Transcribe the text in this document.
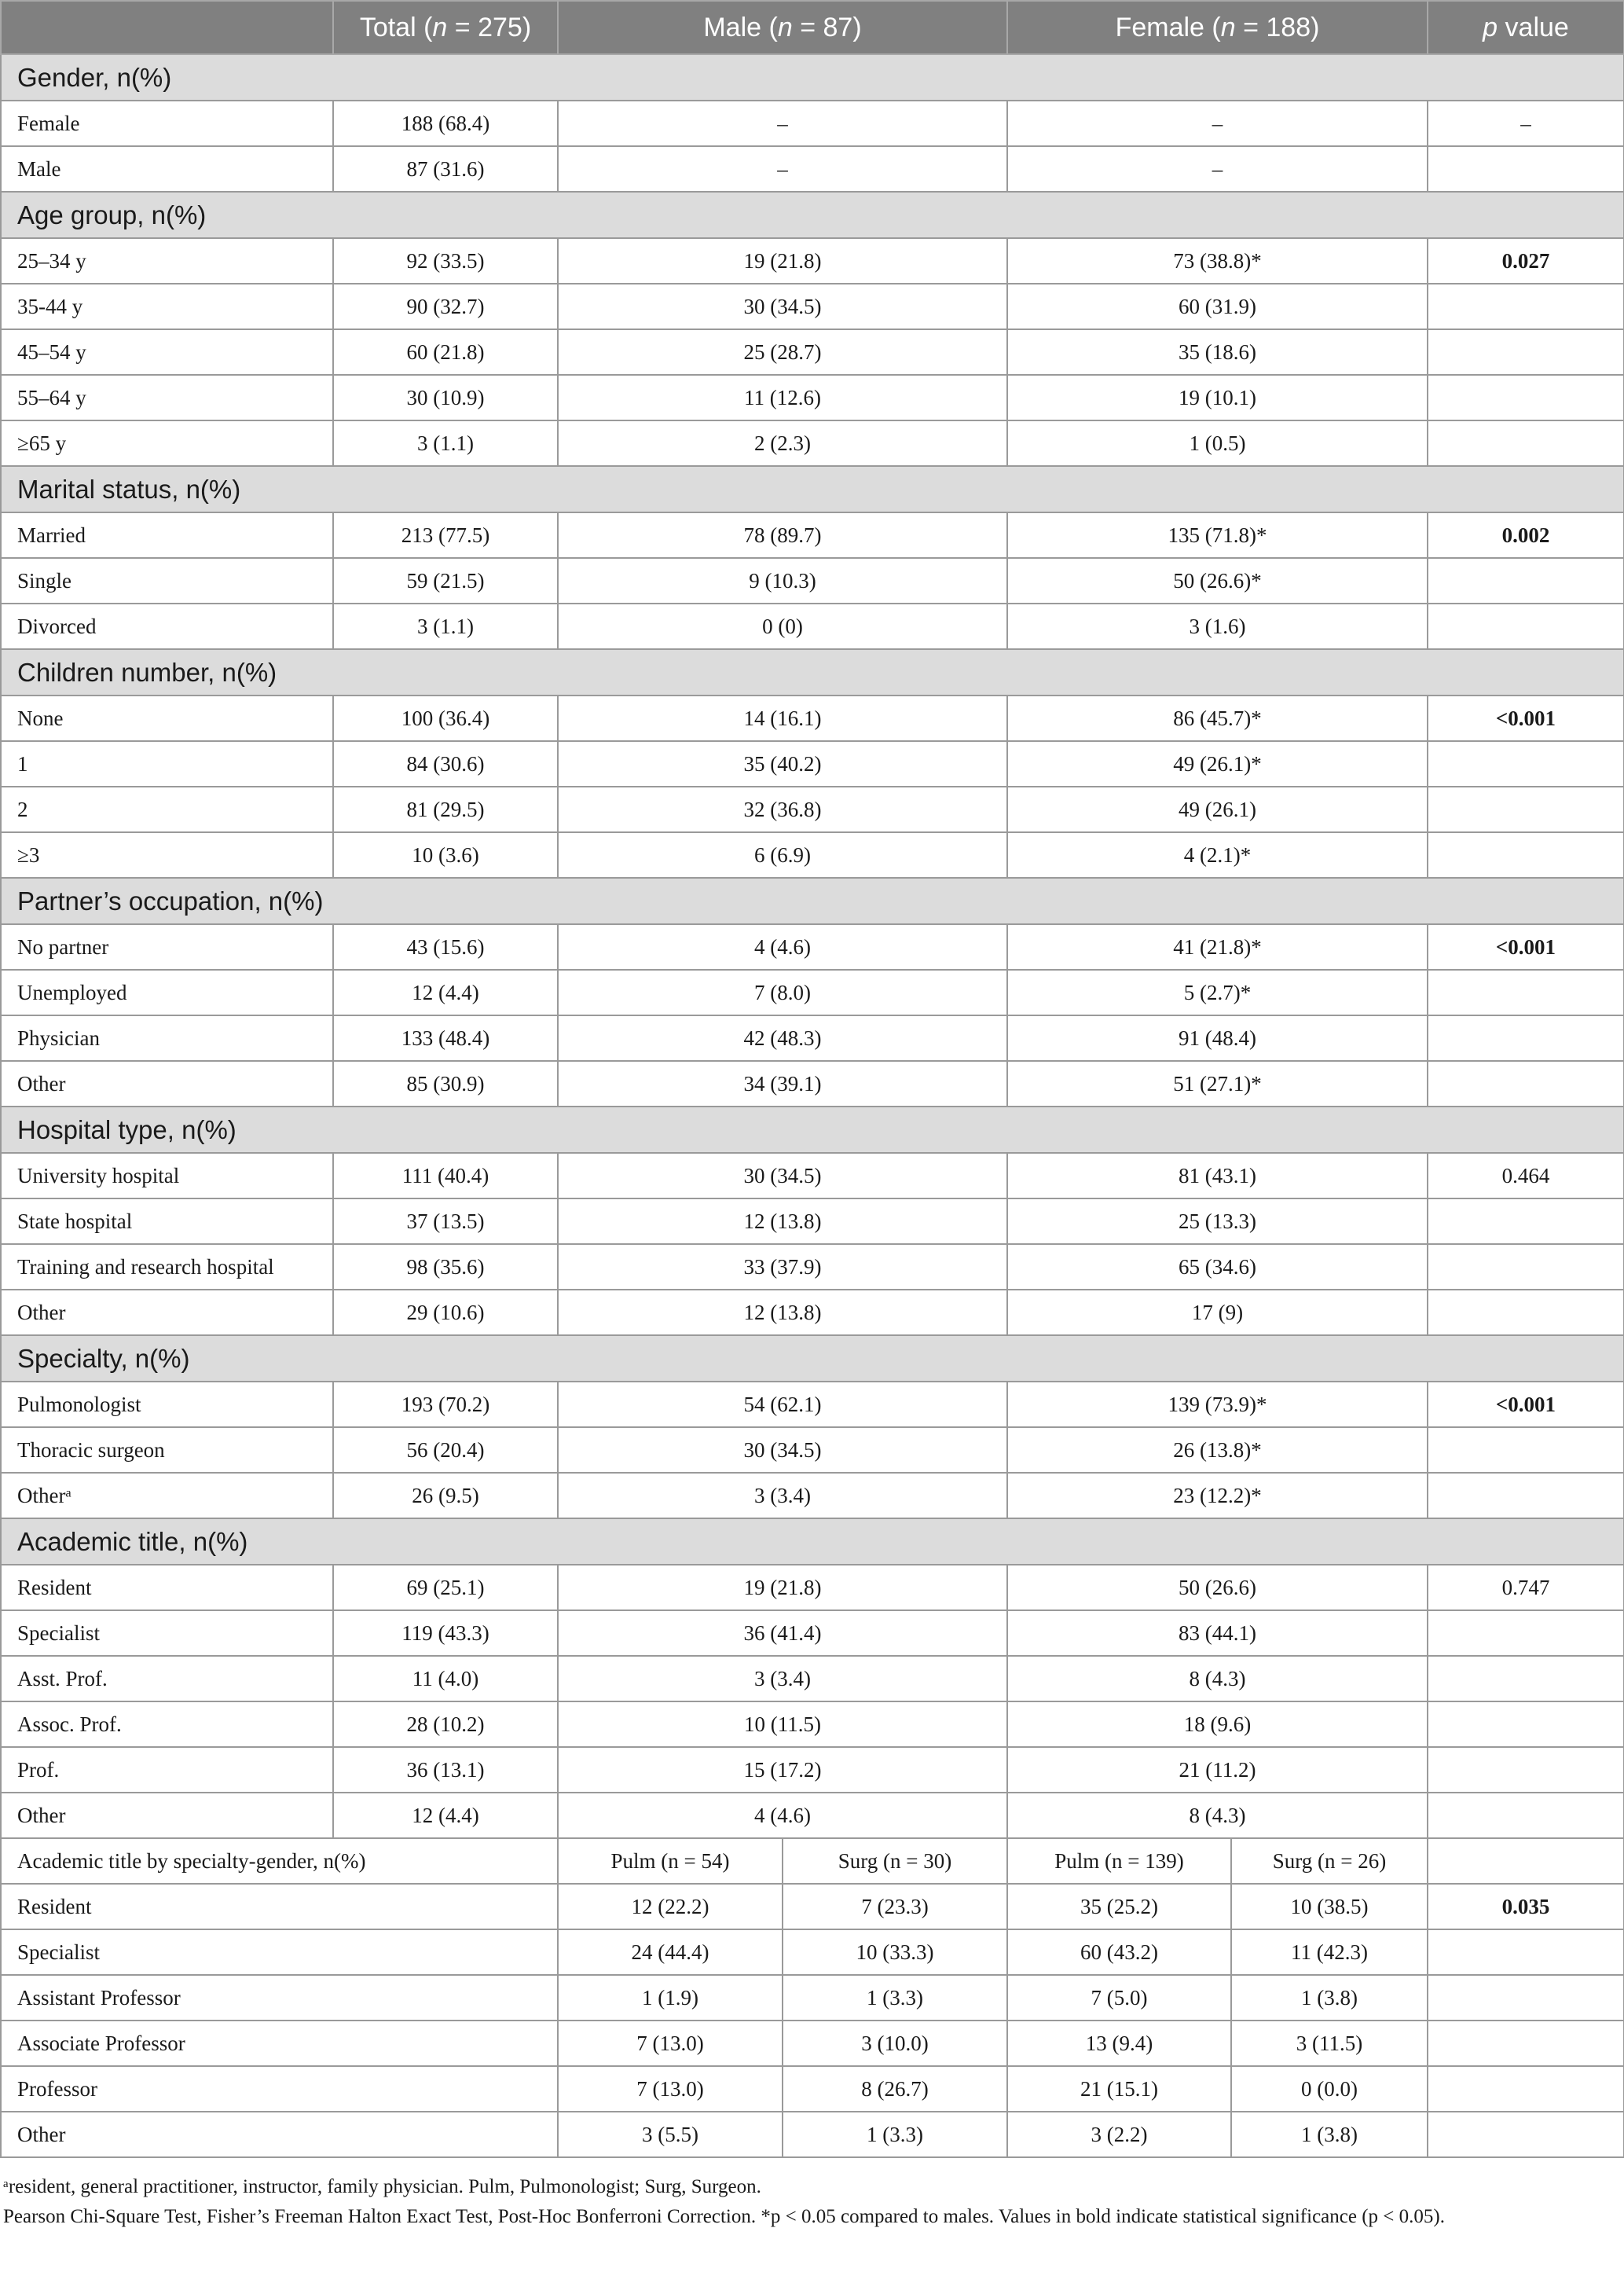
	Total (n = 275)	Male (n = 87)		Female (n = 188)		p value
Gender, n(%)						
Female	188 (68.4)	–		–		–
Male	87 (31.6)	–		–		
Age group, n(%)						
25–34 y	92 (33.5)	19 (21.8)		73 (38.8)*		0.027
35-44 y	90 (32.7)	30 (34.5)		60 (31.9)		
45–54 y	60 (21.8)	25 (28.7)		35 (18.6)		
55–64 y	30 (10.9)	11 (12.6)		19 (10.1)		
≥65 y	3 (1.1)	2 (2.3)		1 (0.5)		
Marital status, n(%)						
Married	213 (77.5)	78 (89.7)		135 (71.8)*		0.002
Single	59 (21.5)	9 (10.3)		50 (26.6)*		
Divorced	3 (1.1)	0 (0)		3 (1.6)		
Children number, n(%)						
None	100 (36.4)	14 (16.1)		86 (45.7)*		<0.001
1	84 (30.6)	35 (40.2)		49 (26.1)*		
2	81 (29.5)	32 (36.8)		49 (26.1)		
≥3	10 (3.6)	6 (6.9)		4 (2.1)*		
Partner’s occupation, n(%)						
No partner	43 (15.6)	4 (4.6)		41 (21.8)*		<0.001
Unemployed	12 (4.4)	7 (8.0)		5 (2.7)*		
Physician	133 (48.4)	42 (48.3)		91 (48.4)		
Other	85 (30.9)	34 (39.1)		51 (27.1)*		
Hospital type, n(%)						
University hospital	111 (40.4)	30 (34.5)		81 (43.1)		0.464
State hospital	37 (13.5)	12 (13.8)		25 (13.3)		
Training and research hospital	98 (35.6)	33 (37.9)		65 (34.6)		
Other	29 (10.6)	12 (13.8)		17 (9)		
Specialty, n(%)						
Pulmonologist	193 (70.2)	54 (62.1)		139 (73.9)*		<0.001
Thoracic surgeon	56 (20.4)	30 (34.5)		26 (13.8)*		
Otherᵃ	26 (9.5)	3 (3.4)		23 (12.2)*		
Academic title, n(%)						
Resident	69 (25.1)	19 (21.8)		50 (26.6)		0.747
Specialist	119 (43.3)	36 (41.4)		83 (44.1)		
Asst. Prof.	11 (4.0)	3 (3.4)		8 (4.3)		
Assoc. Prof.	28 (10.2)	10 (11.5)		18 (9.6)		
Prof.	36 (13.1)	15 (17.2)		21 (11.2)		
Other	12 (4.4)	4 (4.6)		8 (4.3)		
Academic title by specialty-gender, n(%)		Pulm (n = 54)	Surg (n = 30)	Pulm (n = 139)	Surg (n = 26)	
Resident		12 (22.2)	7 (23.3)	35 (25.2)	10 (38.5)	0.035
Specialist		24 (44.4)	10 (33.3)	60 (43.2)	11 (42.3)	
Assistant Professor		1 (1.9)	1 (3.3)	7 (5.0)	1 (3.8)	
Associate Professor		7 (13.0)	3 (10.0)	13 (9.4)	3 (11.5)	
Professor		7 (13.0)	8 (26.7)	21 (15.1)	0 (0.0)	
Other		3 (5.5)	1 (3.3)	3 (2.2)	1 (3.8)	
ᵃresident, general practitioner, instructor, family physician. Pulm, Pulmonologist; Surg, Surgeon.
Pearson Chi-Square Test, Fisher’s Freeman Halton Exact Test, Post-Hoc Bonferroni Correction. *p < 0.05 compared to males. Values in bold indicate statistical significance (p < 0.05).
